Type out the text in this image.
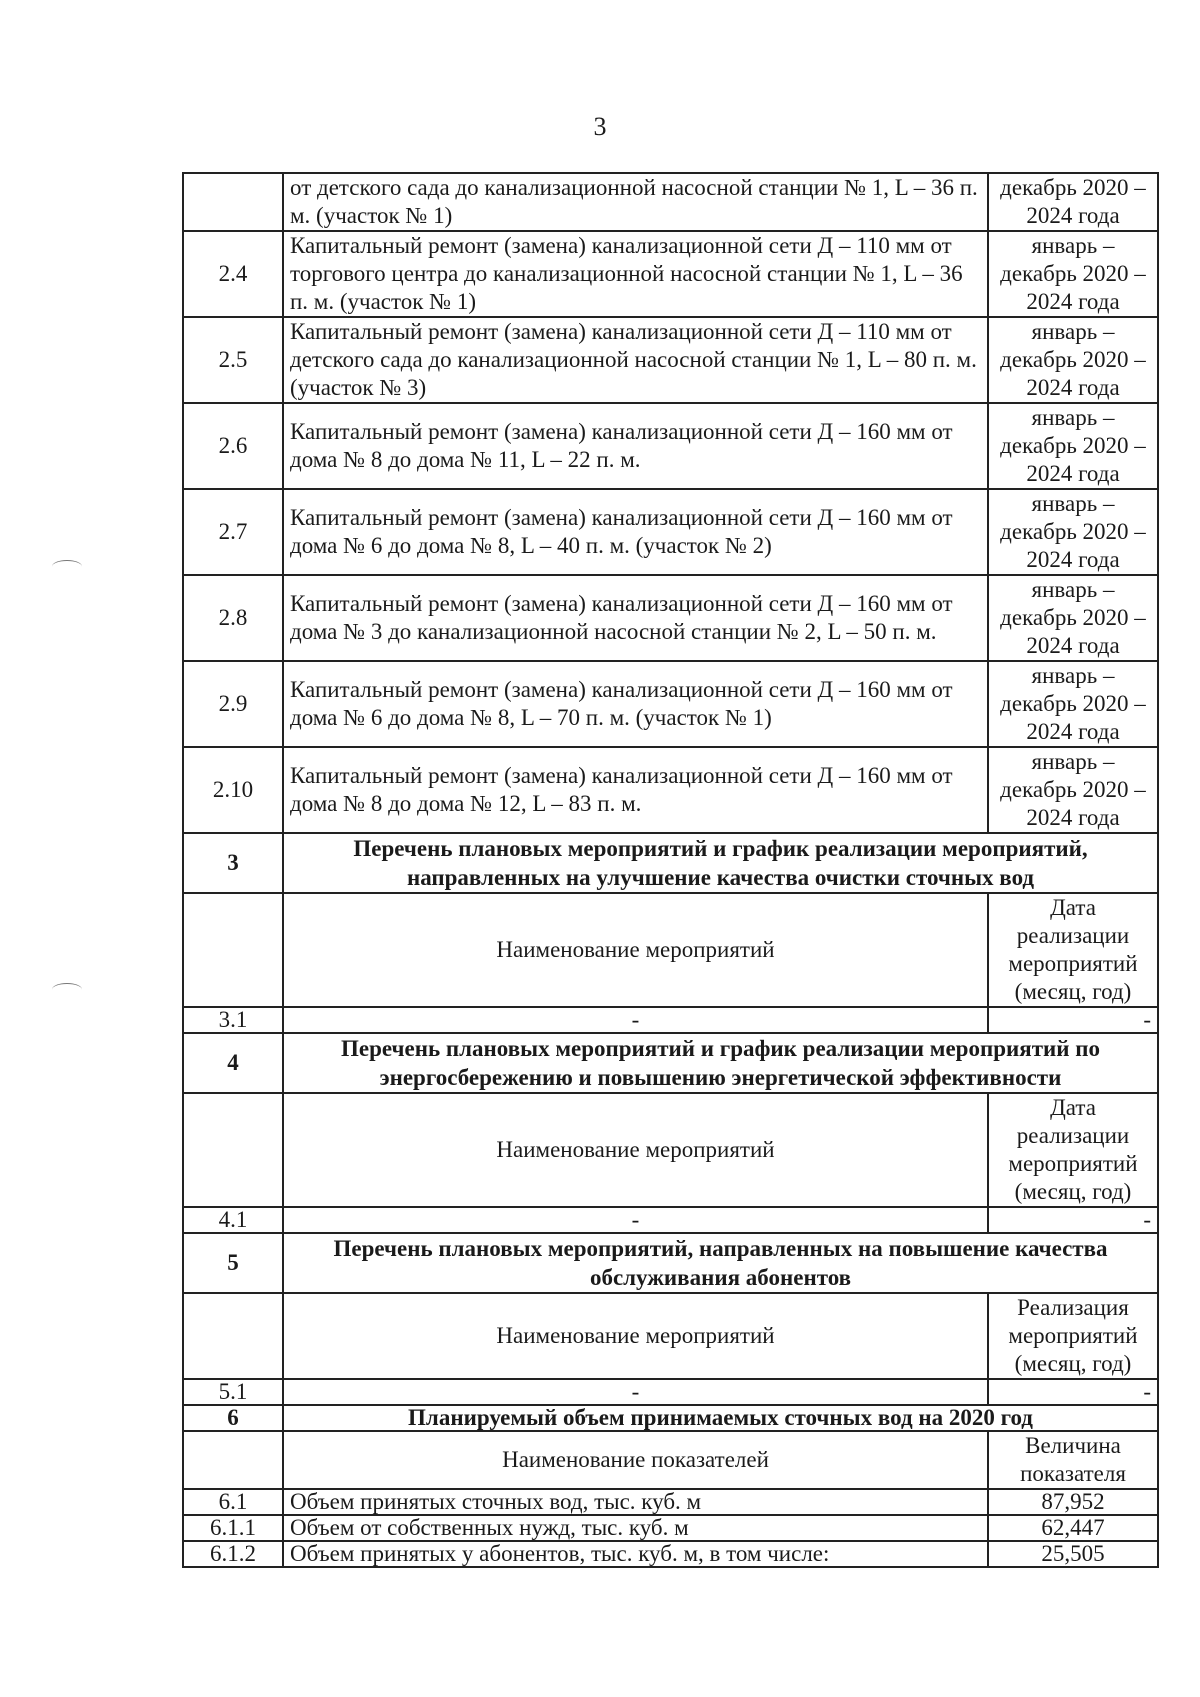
3
	от детского сада до канализационной насосной станции № 1, L – 36 п. м. (участок № 1)	декабрь 2020 – 2024 года
2.4	Капитальный ремонт (замена) канализационной сети Д – 110 мм от торгового центра до канализационной насосной станции № 1, L – 36 п. м. (участок № 1)	январь – декабрь 2020 – 2024 года
2.5	Капитальный ремонт (замена) канализационной сети Д – 110 мм от детского сада до канализационной насосной станции № 1, L – 80 п. м. (участок № 3)	январь – декабрь 2020 – 2024 года
2.6	Капитальный ремонт (замена) канализационной сети Д – 160 мм от дома № 8 до дома № 11, L – 22 п. м.	январь – декабрь 2020 – 2024 года
2.7	Капитальный ремонт (замена) канализационной сети Д – 160 мм от дома № 6 до дома № 8, L – 40 п. м. (участок № 2)	январь – декабрь 2020 – 2024 года
2.8	Капитальный ремонт (замена) канализационной сети Д – 160 мм от дома № 3 до канализационной насосной станции № 2, L – 50 п. м.	январь – декабрь 2020 – 2024 года
2.9	Капитальный ремонт (замена) канализационной сети Д – 160 мм от дома № 6 до дома № 8, L – 70 п. м. (участок № 1)	январь – декабрь 2020 – 2024 года
2.10	Капитальный ремонт (замена) канализационной сети Д – 160 мм от дома № 8 до дома № 12, L – 83 п. м.	январь – декабрь 2020 – 2024 года
3	Перечень плановых мероприятий и график реализации мероприятий, направленных на улучшение качества очистки сточных вод	
	Наименование мероприятий	Дата реализации мероприятий (месяц, год)
3.1	-	-
4	Перечень плановых мероприятий и график реализации мероприятий по энергосбережению и повышению энергетической эффективности	
	Наименование мероприятий	Дата реализации мероприятий (месяц, год)
4.1	-	-
5	Перечень плановых мероприятий, направленных на повышение качества обслуживания абонентов	
	Наименование мероприятий	Реализация мероприятий (месяц, год)
5.1	-	-
6	Планируемый объем принимаемых сточных вод на 2020 год	
	Наименование показателей	Величина показателя
6.1	Объем принятых сточных вод, тыс. куб. м	87,952
6.1.1	Объем от собственных нужд, тыс. куб. м	62,447
6.1.2	Объем принятых у абонентов, тыс. куб. м, в том числе:	25,505
